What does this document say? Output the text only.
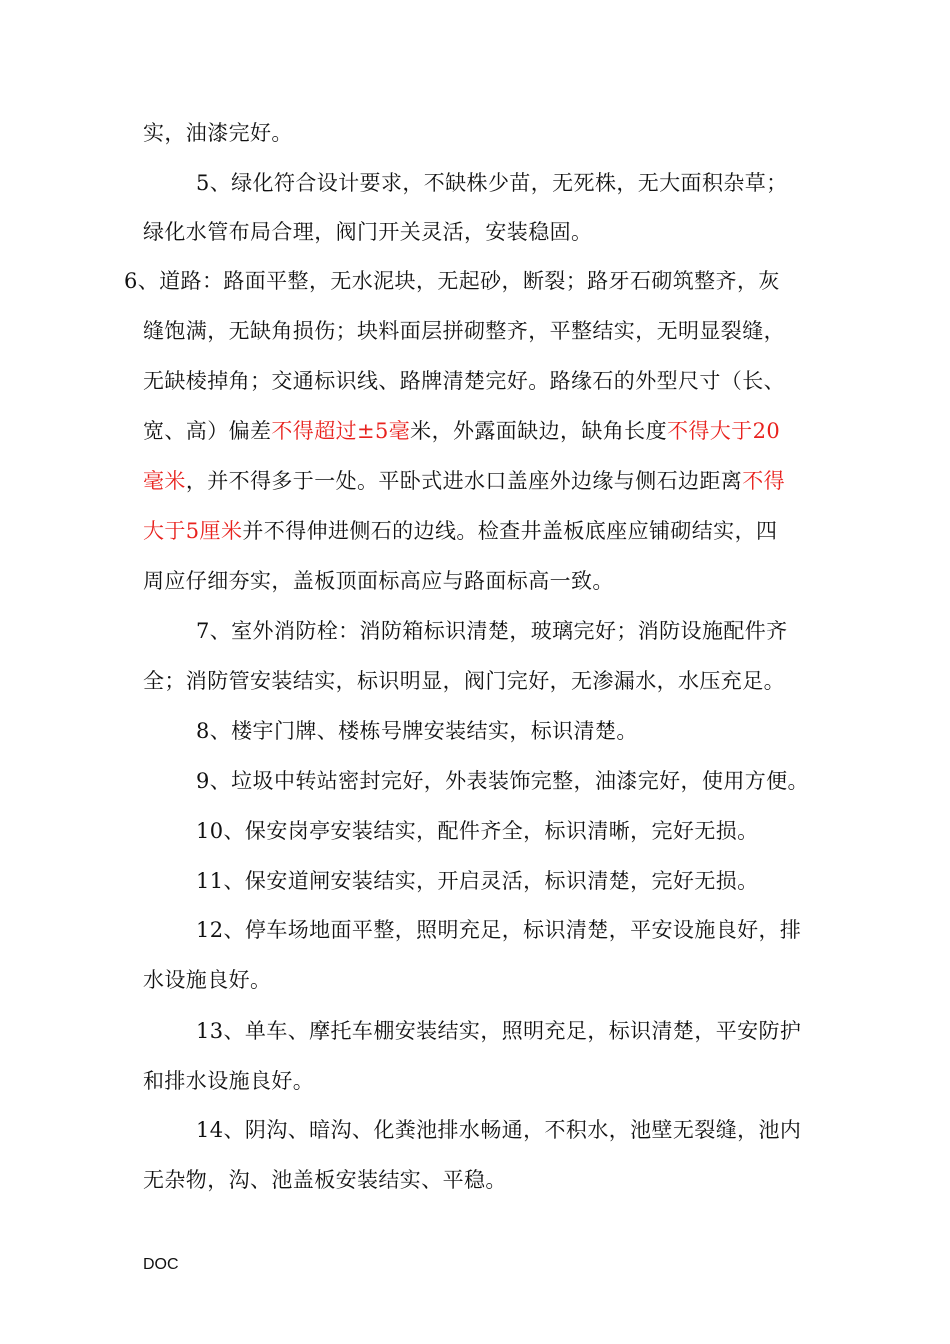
实，油漆完好。
5、绿化符合设计要求，不缺株少苗，无死株，无大面积杂草；
绿化水管布局合理，阀门开关灵活，安装稳固。
6、道路：路面平整，无水泥块，无起砂，断裂；路牙石砌筑整齐，灰
缝饱满，无缺角损伤；块料面层拼砌整齐，平整结实，无明显裂缝，
无缺棱掉角；交通标识线、路牌清楚完好。路缘石的外型尺寸（长、
宽、高）偏差不得超过±5毫米，外露面缺边，缺角长度不得大于20
毫米，并不得多于一处。平卧式进水口盖座外边缘与侧石边距离不得
大于5厘米并不得伸进侧石的边线。检查井盖板底座应铺砌结实，四
周应仔细夯实，盖板顶面标高应与路面标高一致。
7、室外消防栓：消防箱标识清楚，玻璃完好；消防设施配件齐
全；消防管安装结实，标识明显，阀门完好，无渗漏水，水压充足。
8、楼宇门牌、楼栋号牌安装结实，标识清楚。
9、垃圾中转站密封完好，外表装饰完整，油漆完好，使用方便。
10、保安岗亭安装结实，配件齐全，标识清晰，完好无损。
11、保安道闸安装结实，开启灵活，标识清楚，完好无损。
12、停车场地面平整，照明充足，标识清楚，平安设施良好，排
水设施良好。
13、单车、摩托车棚安装结实，照明充足，标识清楚，平安防护
和排水设施良好。
14、阴沟、暗沟、化粪池排水畅通，不积水，池壁无裂缝，池内
无杂物，沟、池盖板安装结实、平稳。
DOC
